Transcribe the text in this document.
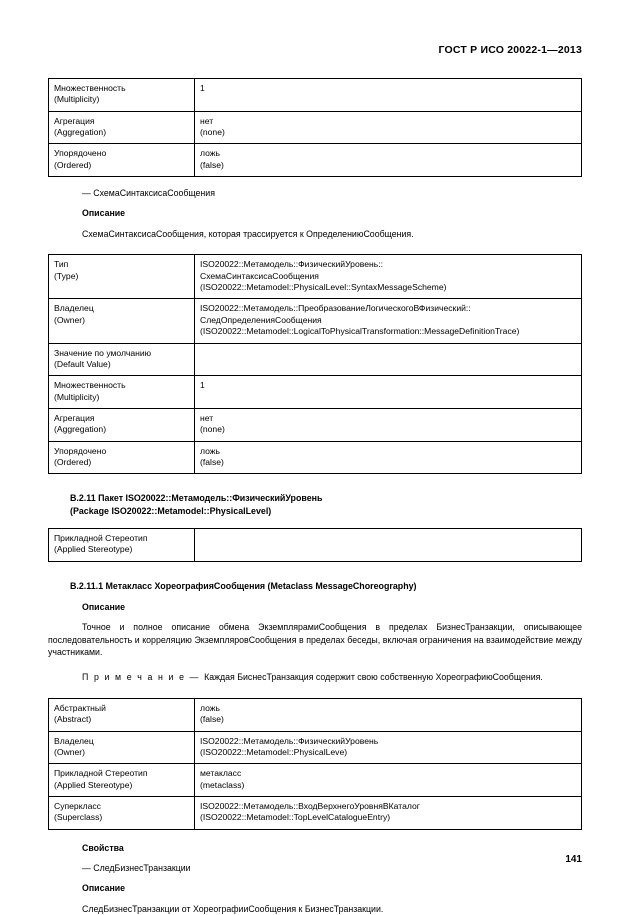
ГОСТ Р ИСО 20022-1—2013
Множественность
(Multiplicity)	1

Агрегация
(Aggregation)	нет
(none)

Упорядочено
(Ordered)	ложь
(false)
— СхемаСинтаксисаСообщения
Описание
СхемаСинтаксисаСообщения, которая трассируется к ОпределениюСообщения.
Тип
(Type)	ISO20022::Метамодель::ФизическийУровень::
СхемаСинтаксисаСообщения
(ISO20022::Metamodel::PhysicalLevel::SyntaxMessageScheme)

Владелец
(Owner)	ISO20022::Метамодель::ПреобразованиеЛогическогоВФизический::
СледОпределенияСообщения
(ISO20022::Metamodel::LogicalToPhysicalTransformation::MessageDefinitionTrace)

Значение по умолчанию
(Default Value)	

Множественность
(Multiplicity)	1

Агрегация
(Aggregation)	нет
(none)

Упорядочено
(Ordered)	ложь
(false)
В.2.11 Пакет ISO20022::Метамодель::ФизическийУровень
(Package ISO20022::Metamodel::PhysicalLevel)
Прикладной Стереотип
(Applied Stereotype)

В.2.11.1 Метакласс ХореографияСообщения (Metaclass MessageChoreography)
Описание
Точное и полное описание обмена ЭкземплярамиСообщения в пределах БизнесТранзакции, описывающее последовательность и корреляцию ЭкземпляровСообщения в пределах беседы, включая ограничения на взаимодействие между участниками.
П р и м е ч а н и е — Каждая БиснесТранзакция содержит свою собственную ХореографиюСообщения.
Абстрактный
(Abstract)	ложь
(false)

Владелец
(Owner)	ISO20022::Метамодель::ФизическийУровень
(ISO20022::Metamodel::PhysicalLeve)

Прикладной Стереотип
(Applied Stereotype)	метакласс
(metaclass)

Суперкласс
(Superclass)	ISO20022::Метамодель::ВходВерхнегоУровняВКаталог
(ISO20022::Metamodel::TopLevelCatalogueEntry)
Свойства
— СледБизнесТранзакции
Описание
СледБизнесТранзакции от ХореографииСообщения к БизнесТранзакции.
141
